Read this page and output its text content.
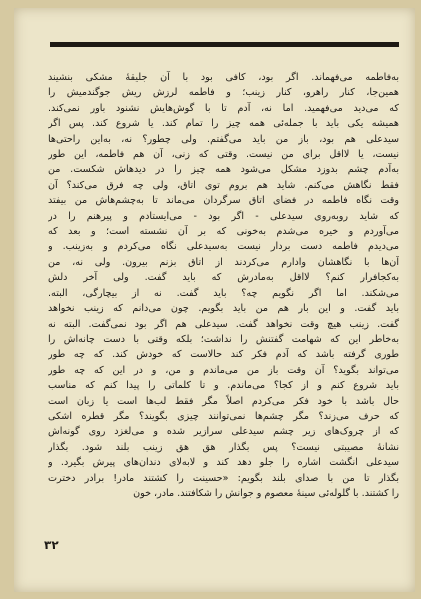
به‌فاطمه می‌فهماند. اگر بود، کافی بود با آن جلیقهٔ مشکی بنشیند
همین‌جا، کنار راهرو، کنار زینب؛ و فاطمه لرزش ریش جوگندمیش را
که می‌دید می‌فهمید. اما نه، آدم تا با گوش‌هایش نشنود باور نمی‌کند.
همیشه یکی باید با جمله‌ئی همه چیز را تمام کند. یا شروع کند. پس اگر
سیدعلی هم بود، باز من باید می‌گفتم. ولی چطور؟ نه، به‌این راحتی‌ها
نیست، یا لااقل برای من نیست. وقتی که زنی، آن هم فاطمه، این طور
به‌آدم چشم بدوزد مشکل می‌شود همه چیز را در دیدهاش شکست. من
فقط نگاهش می‌کنم. شاید هم بروم توی اتاق، ولی چه فرق می‌کند؟ آن
وقت نگاه فاطمه در فضای اتاق سرگردان می‌ماند تا به‌چشم‌هاش من بیفتد
که شاید روبه‌روی سیدعلی - اگر بود - می‌ایستادم و پیرهنم را در
می‌آوردم و خیره می‌شدم به‌خونی که بر آن نشسته است؛ و بعد که
می‌دیدم فاطمه دست بردار نیست به‌سیدعلی نگاه می‌کردم و به‌زینب. و
آن‌ها با نگاهشان وادارم می‌کردند از اتاق بزنم بیرون. ولی نه، من
به‌کجافرار کنم؟ لااقل به‌مادرش که باید گفت. ولی آخر دلش
می‌شکند. اما اگر نگویم چه؟ باید گفت. نه از بیچارگی، البته.
باید گفت. و این بار هم من باید بگویم. چون می‌دانم که زینب نخواهد
گفت. زینب هیچ وقت نخواهد گفت. سیدعلی هم اگر بود نمی‌گفت. البته نه
به‌خاطر این که شهامت گفتنش را نداشت؛ بلکه وقتی با دست چانه‌اش را
طوری گرفته باشد که آدم فکر کند حالاست که خودش کند. که چه طور
می‌تواند بگوید؟ آن وقت باز من می‌ماندم و من، و در این که چه طور
باید شروع کنم و از کجا؟ می‌ماندم. و تا کلماتی را پیدا کنم که مناسب
حال باشد با خود فکر می‌کردم اصلاً مگر فقط لب‌ها است یا زبان است
که حرف می‌زند؟ مگر چشم‌ها نمی‌توانند چیزی بگویند؟ مگر قطره اشکی
که از چروک‌های زیر چشم سیدعلی سرازیر شده و می‌لغزد روی گونه‌اش
نشانهٔ مصیبتی نیست؟ پس بگذار هق هق زینب بلند شود. بگذار
سیدعلی انگشت اشاره را جلو دهد کند و لابه‌لای دندان‌های پیرش بگیرد. و
بگذار تا من با صدای بلند بگویم: «حسینت را کشتند مادر! برادر دخترت
را کشتند. با گلوله‌ئی سینهٔ معصوم و جوانش را شکافتند. مادر، خون
۳۲
